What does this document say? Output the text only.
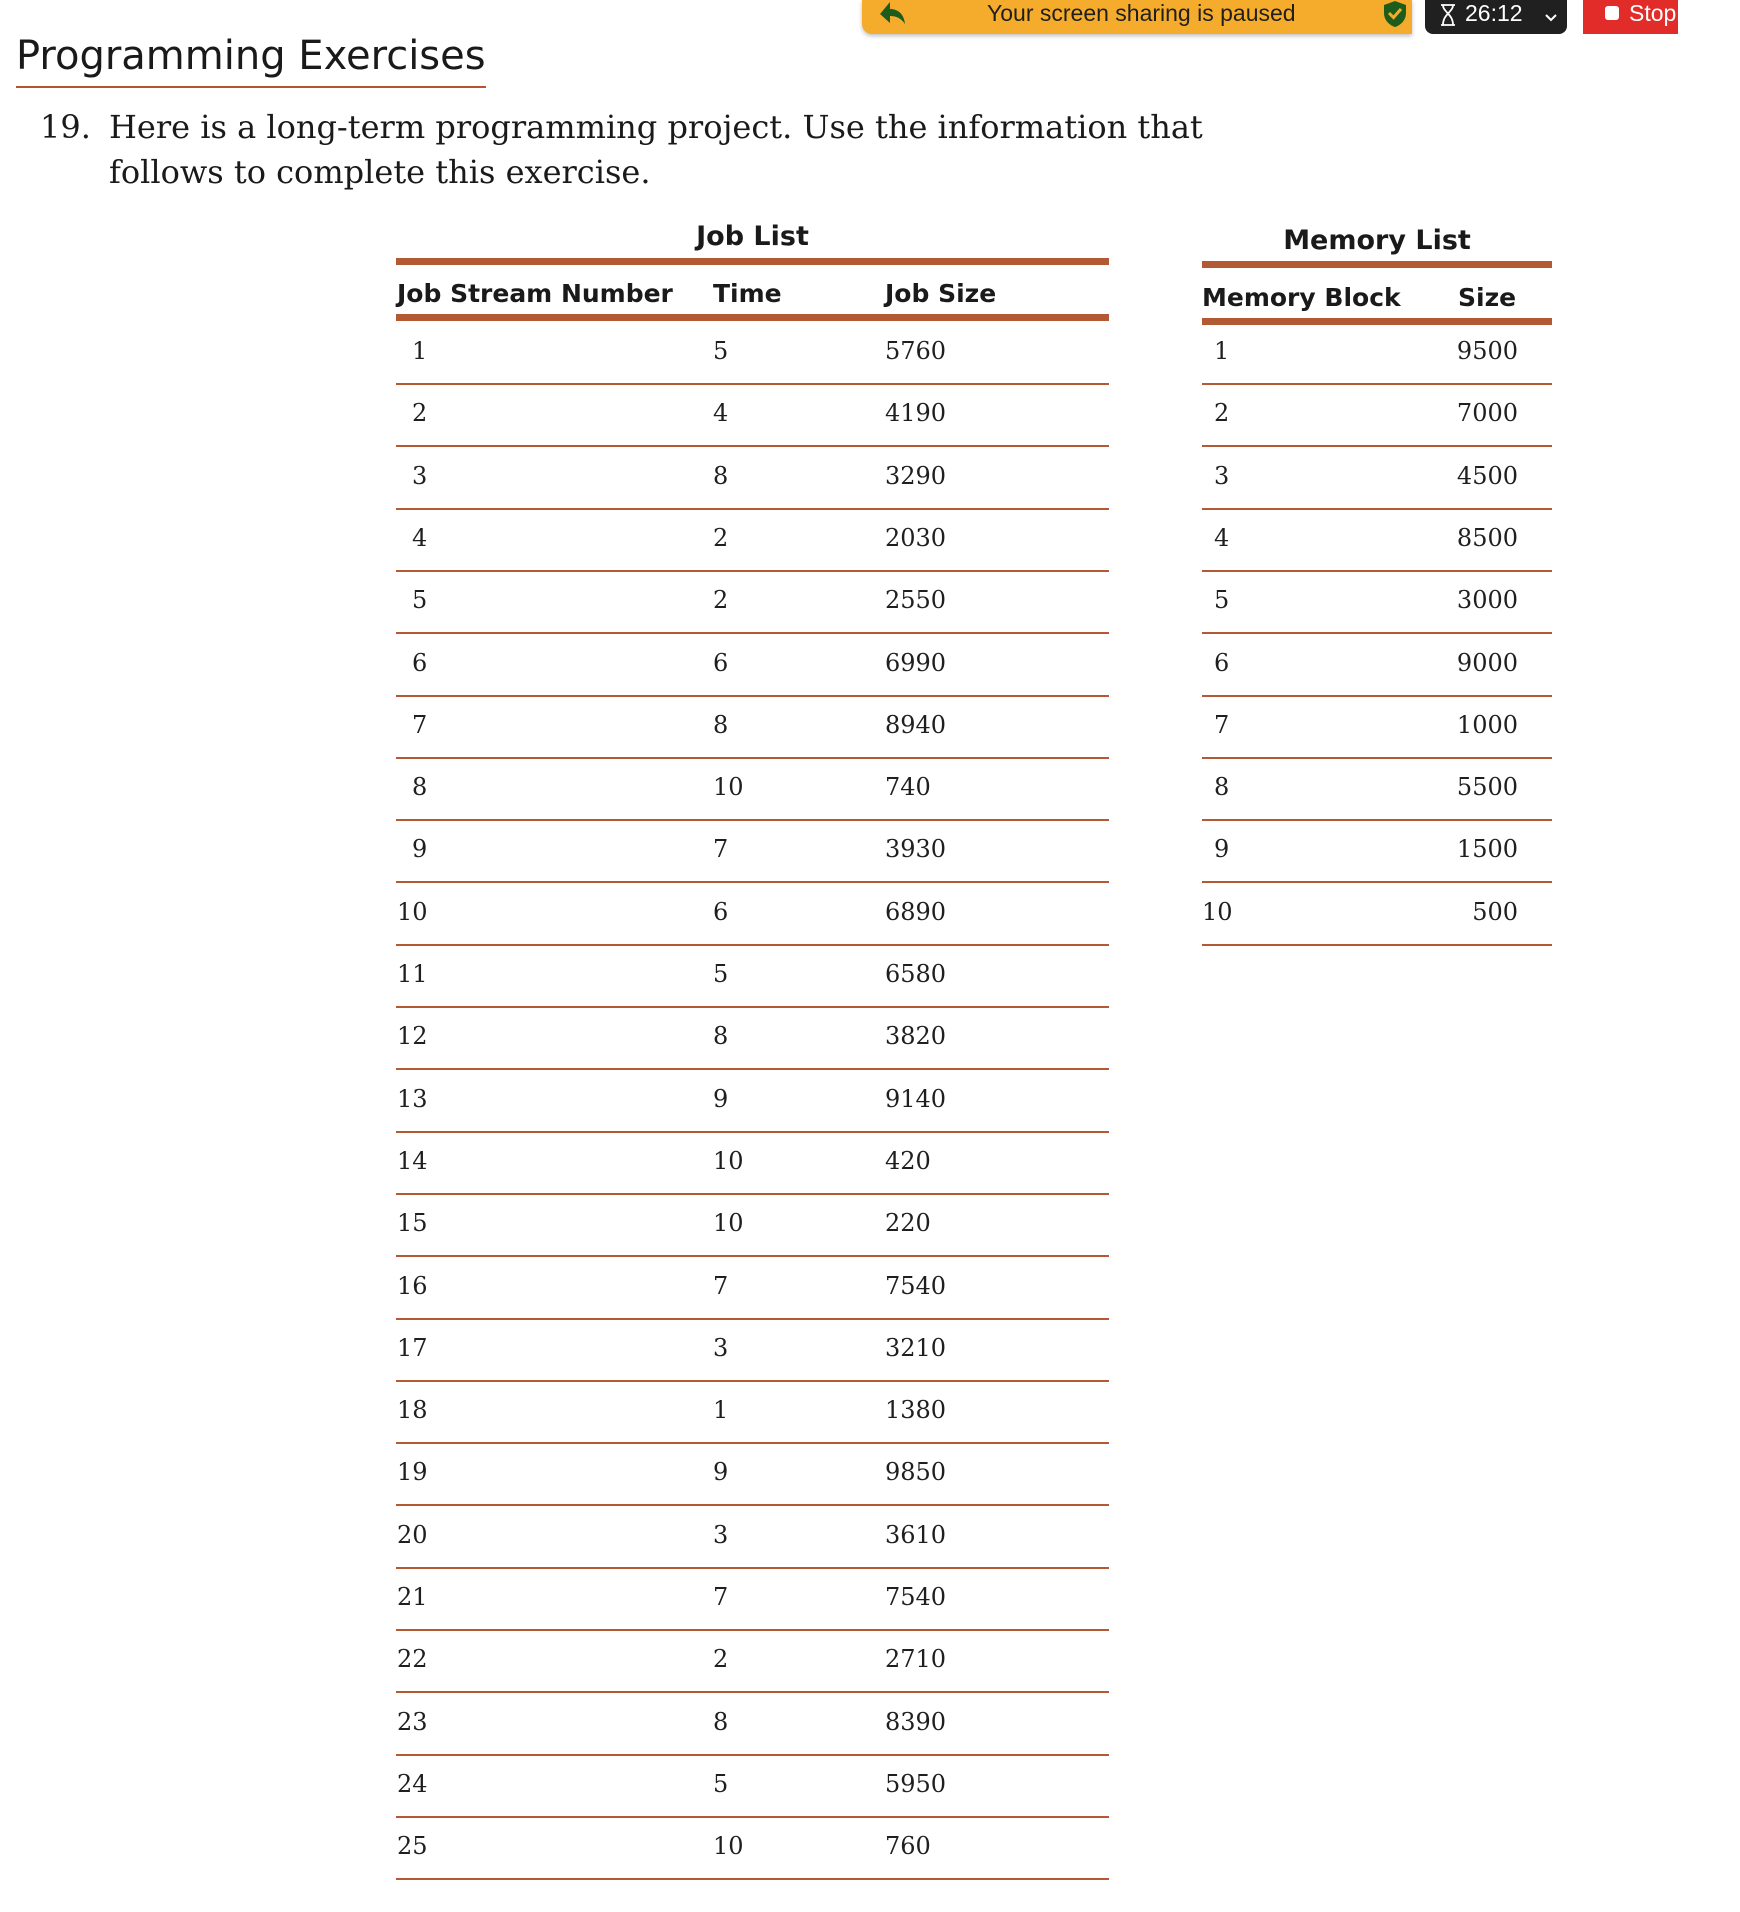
Your screen sharing is paused	26:12	Stop share
Programming Exercises
19. Here is a long-term programming project. Use the information that follows to complete this exercise.
Job List
Job Stream Number Time	Job Size
1	5	5760
2	4	4190
3	8	3290
4	2	2030
5	2	2550
6	6	6990
7	8	8940
8	10	740
9	7	3930
10	6	6890
11	5	6580
12	8	3820
13	9	9140
14	10	420
15	10	220
16	7	7540
17	3	3210
18	1	1380
19	9	9850
20	3	3610
21	7	7540
22	2	2710
23	8	8390
24	5	5950
25	10	760
Memory List
Memory Block Size
1	9500
2	7000
3	4500
4	8500
5	3000
6	9000
7	1000
8	5500
9	1500
10	500
